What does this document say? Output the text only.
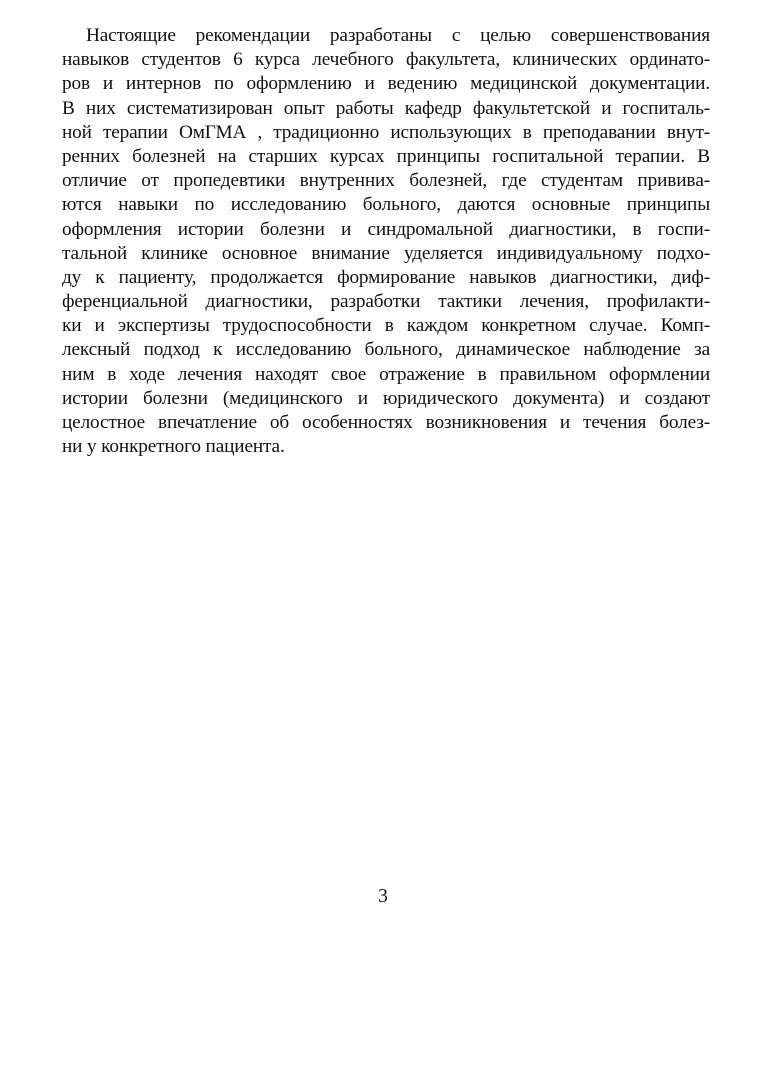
Настоящие рекомендации разработаны с целью совершенствования
навыков студентов 6 курса лечебного факультета, клинических ординато-
ров и интернов по оформлению и ведению медицинской документации.
В них систематизирован опыт работы кафедр факультетской и госпиталь-
ной терапии ОмГМА , традиционно использующих в преподавании внут-
ренних болезней на старших курсах принципы госпитальной терапии. В
отличие от пропедевтики внутренних болезней, где студентам прививa-
ются навыки по исследованию больного, даются основные принципы
оформления истории болезни и синдромальной диагностики, в госпи-
тальной клинике основное внимание уделяется индивидуальному подхо-
ду к пациенту, продолжается формирование навыков диагностики, диф-
ференциальной диагностики, разработки тактики лечения, профилакти-
ки и экспертизы трудоспособности в каждом конкретном случае. Комп-
лексный подход к исследованию больного, динамическое наблюдение за
ним в ходе лечения находят свое отражение в правильном оформлении
истории болезни (медицинского и юридического документа) и создают
целостное впечатление об особенностях возникновения и течения болез-
ни у конкретного пациента.
3
